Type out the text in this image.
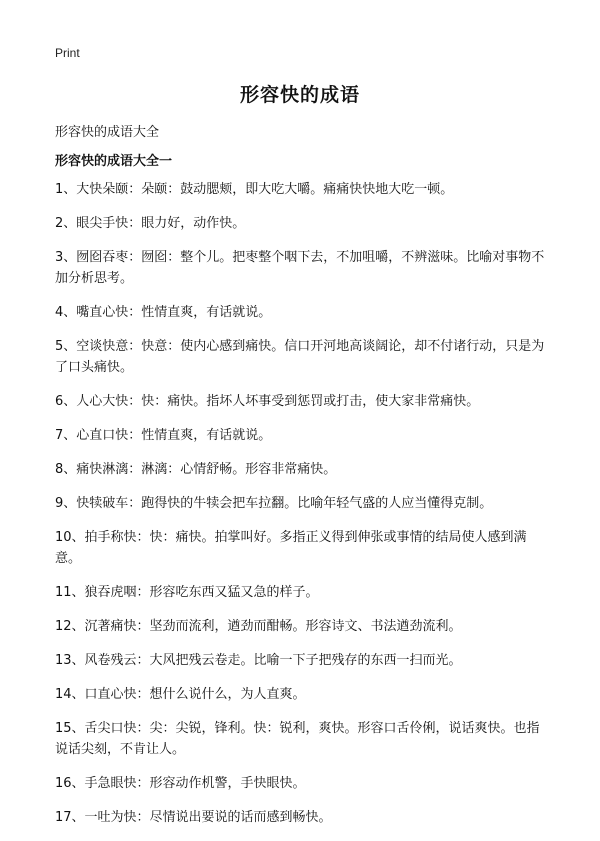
Print
形容快的成语

形容快的成语大全

形容快的成语大全一

1、大快朵颐：朵颐：鼓动腮颊，即大吃大嚼。痛痛快快地大吃一顿。
2、眼尖手快：眼力好，动作快。
3、囫囵吞枣：囫囵：整个儿。把枣整个咽下去，不加咀嚼，不辨滋味。比喻对事物不加分析思考。
4、嘴直心快：性情直爽，有话就说。
5、空谈快意：快意：使内心感到痛快。信口开河地高谈阔论，却不付诸行动，只是为了口头痛快。
6、人心大快：快：痛快。指坏人坏事受到惩罚或打击，使大家非常痛快。
7、心直口快：性情直爽，有话就说。
8、痛快淋漓：淋漓：心情舒畅。形容非常痛快。
9、快犊破车：跑得快的牛犊会把车拉翻。比喻年轻气盛的人应当懂得克制。
10、拍手称快：快：痛快。拍掌叫好。多指正义得到伸张或事情的结局使人感到满意。
11、狼吞虎咽：形容吃东西又猛又急的样子。
12、沉著痛快：坚劲而流利，遒劲而酣畅。形容诗文、书法遒劲流利。
13、风卷残云：大风把残云卷走。比喻一下子把残存的东西一扫而光。
14、口直心快：想什么说什么，为人直爽。
15、舌尖口快：尖：尖锐，锋利。快：锐利，爽快。形容口舌伶俐，说话爽快。也指说话尖刻，不肯让人。
16、手急眼快：形容动作机警，手快眼快。
17、一吐为快：尽情说出要说的话而感到畅快。
